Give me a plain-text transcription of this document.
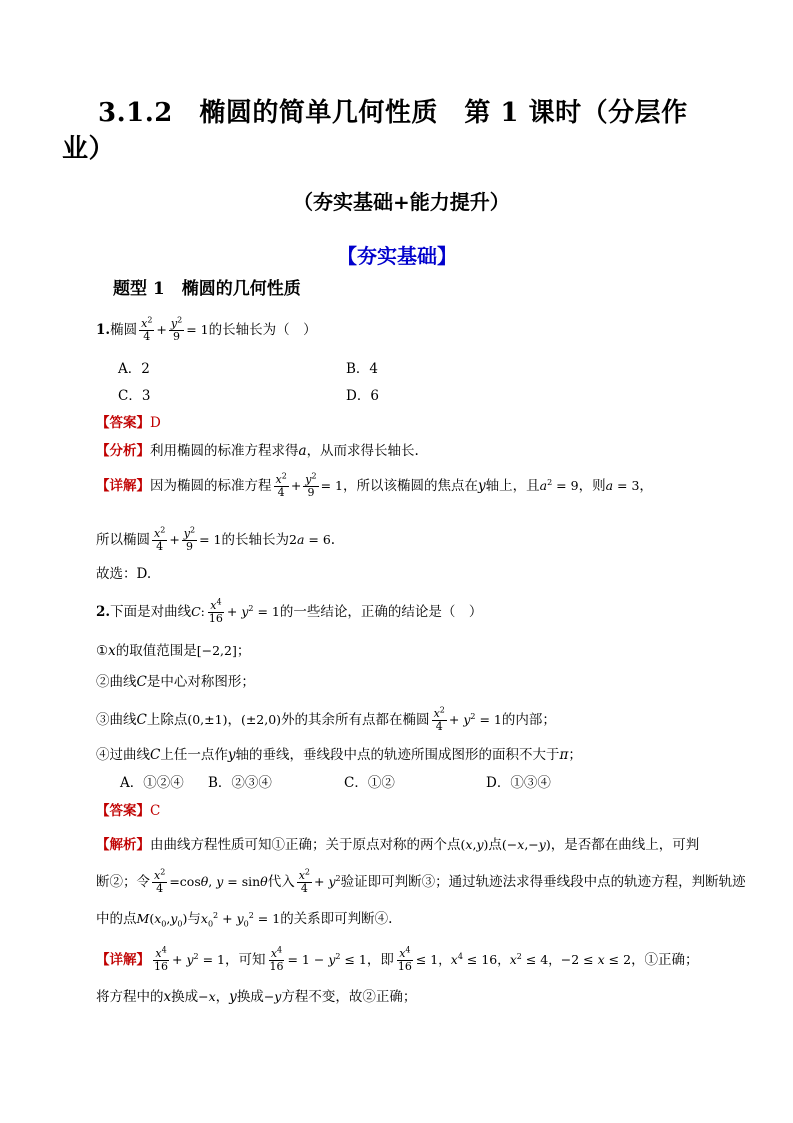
3.1.2　椭圆的简单几何性质　第 1 课时（分层作
业）
（夯实基础+能力提升）
【夯实基础】
题型 1　椭圆的几何性质
1.椭圆 $\frac{x^2}{4} + \frac{y^2}{9} = 1$的长轴长为（　）
A．2	B．4
C．3	D．6
【答案】D
【分析】利用椭圆的标准方程求得a，从而求得长轴长.
【详解】因为椭圆的标准方程 $\frac{x^2}{4} + \frac{y^2}{9} = 1$，所以该椭圆的焦点在y轴上，且$a^2 = 9$，则a = 3，
所以椭圆 $\frac{x^2}{4} + \frac{y^2}{9} = 1$的长轴长为2a = 6.
故选：D.
2.下面是对曲线C: $\frac{x^4}{16} + y^2 = 1$的一些结论，正确的结论是（　）
①x的取值范围是[−2,2]；
②曲线C是中心对称图形；
③曲线C上除点(0,±1)，(±2,0)外的其余所有点都在椭圆 $\frac{x^2}{4} + y^2 = 1$的内部；
④过曲线C上任一点作y轴的垂线，垂线段中点的轨迹所围成图形的面积不大于π；
A．①②④ B．②③④	C．①②	D．①③④
【答案】C
【解析】由曲线方程性质可知①正确；关于原点对称的两个点(x,y)点(−x,−y)，是否都在曲线上，可判
断②；令 $\frac{x^2}{4} =\cos\theta$, y = sinθ代入 $\frac{x^2}{4} + y^2$验证即可判断③；通过轨迹法求得垂线段中点的轨迹方程，判断轨迹
中的点$M(x_0,y_0)$与$x_0^2 + y_0^2 = 1$的关系即可判断④.
【详解】 $\frac{x^4}{16} + y^2 = 1$，可知 $\frac{x^4}{16} = 1 - y^2 \le 1$，即 $\frac{x^4}{16} \le 1$，$x^4 \le 16$，$x^2 \le 4$，−2 ≤ x ≤ 2，①正确；
将方程中的x换成−x，y换成−y方程不变，故②正确；
